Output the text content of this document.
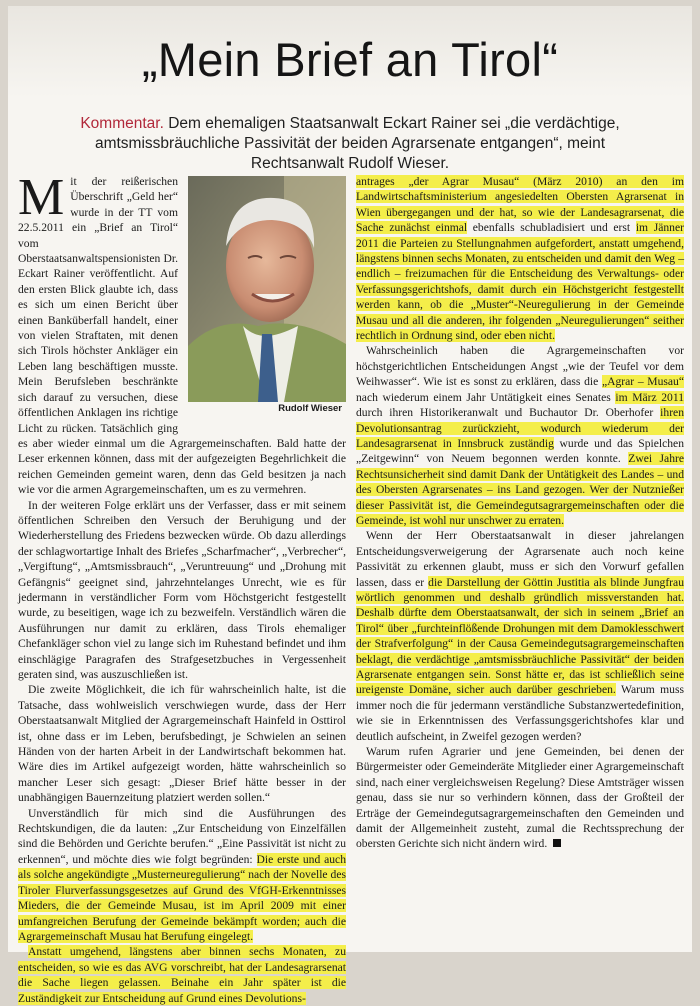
„Mein Brief an Tirol“
Kommentar. Dem ehemaligen Staatsanwalt Eckart Rainer sei „die verdächtige, amtsmissbräuchliche Passivität der beiden Agrarsenate entgangen“, meint Rechtsanwalt Rudolf Wieser.
Rudolf Wieser

Mit der reißerischen Überschrift „Geld her“ wurde in der TT vom 22.5.2011 ein „Brief an Tirol“ vom Oberstaatsanwaltspensionisten Dr. Eckart Rainer veröffentlicht. Auf den ersten Blick glaubte ich, dass es sich um einen Bericht über einen Banküberfall handelt, einer von vielen Straftaten, mit denen sich Tirols höchster Ankläger ein Leben lang beschäftigen musste. Mein Berufsleben beschränkte sich darauf zu versuchen, diese öffentlichen Anklagen ins richtige Licht zu rücken. Tatsächlich ging es aber wieder einmal um die Agrargemeinschaften. Bald hatte der Leser erkennen können, dass mit der aufgezeigten Begehrlichkeit die reichen Gemeinden gemeint waren, denn das Geld besitzen ja nach wie vor die armen Agrargemeinschaften, um es zu vermehren.

In der weiteren Folge erklärt uns der Verfasser, dass er mit seinem öffentlichen Schreiben den Versuch der Beruhigung und der Wiederherstellung des Friedens bezwecken würde. Ob dazu allerdings der schlagwortartige Inhalt des Briefes „Scharfmacher“, „Verbrecher“, „Vergiftung“, „Amtsmissbrauch“, „Veruntreuung“ und „Drohung mit Gefängnis“ geeignet sind, jahrzehntelanges Unrecht, wie es für jedermann in verständlicher Form vom Höchstgericht festgestellt wurde, zu beseitigen, wage ich zu bezweifeln. Verständlich wären die Ausführungen nur damit zu erklären, dass Tirols ehemaliger Chefankläger schon viel zu lange sich im Ruhestand befindet und ihm einschlägige Paragrafen des Strafgesetzbuches in Vergessenheit geraten sind, was auszuschließen ist.

Die zweite Möglichkeit, die ich für wahrscheinlich halte, ist die Tatsache, dass wohlweislich verschwiegen wurde, dass der Herr Oberstaatsanwalt Mitglied der Agrargemeinschaft Hainfeld in Osttirol ist, ohne dass er im Leben, berufsbedingt, je Schwielen an seinen Händen von der harten Arbeit in der Landwirtschaft bekommen hat. Wäre dies im Artikel aufgezeigt worden, hätte wahrscheinlich so mancher Leser sich gesagt: „Dieser Brief hätte besser in der unabhängigen Bauernzeitung platziert werden sollen.“

Unverständlich für mich sind die Ausführungen des Rechtskundigen, die da lauten: „Zur Entscheidung von Einzelfällen sind die Behörden und Gerichte berufen.“ „Eine Passivität ist nicht zu erkennen“, und möchte dies wie folgt begründen: Die erste und auch als solche angekündigte „Musterneuregulierung“ nach der Novelle des Tiroler Flurverfassungsgesetzes auf Grund des VfGH-Erkenntnisses Mieders, die der Gemeinde Musau, ist im April 2009 mit einer umfangreichen Berufung der Gemeinde bekämpft worden; auch die Agrargemeinschaft Musau hat Berufung eingelegt.

Anstatt umgehend, längstens aber binnen sechs Monaten, zu entscheiden, so wie es das AVG vorschreibt, hat der Landesagrarsenat die Sache liegen gelassen. Beinahe ein Jahr später ist die Zuständigkeit zur Entscheidung auf Grund eines Devolutions-

antrages „der Agrar Musau“ (März 2010) an den im Landwirtschaftsministerium angesiedelten Obersten Agrarsenat in Wien übergegangen und der hat, so wie der Landesagrarsenat, die Sache zunächst einmal ebenfalls schubladisiert und erst im Jänner 2011 die Parteien zu Stellungnahmen aufgefordert, anstatt umgehend, längstens binnen sechs Monaten, zu entscheiden und damit den Weg – endlich – freizumachen für die Entscheidung des Verwaltungs- oder Verfassungsgerichtshofs, damit durch ein Höchstgericht festgestellt werden kann, ob die „Muster“-Neuregulierung in der Gemeinde Musau und all die anderen, ihr folgenden „Neuregulierungen“ seither rechtlich in Ordnung sind, oder eben nicht.

Wahrscheinlich haben die Agrargemeinschaften vor höchstgerichtlichen Entscheidungen Angst „wie der Teufel vor dem Weihwasser“. Wie ist es sonst zu erklären, dass die „Agrar – Musau“ nach wiederum einem Jahr Untätigkeit eines Senates im März 2011 durch ihren Historikeranwalt und Buchautor Dr. Oberhofer ihren Devolutionsantrag zurückzieht, wodurch wiederum der Landesagrarsenat in Innsbruck zuständig wurde und das Spielchen „Zeitgewinn“ von Neuem begonnen werden konnte. Zwei Jahre Rechtsunsicherheit sind damit Dank der Untätigkeit des Landes – und des Obersten Agrarsenates – ins Land gezogen. Wer der Nutznießer dieser Passivität ist, die Gemeindegutsagrargemeinschaften oder die Gemeinde, ist wohl nur unschwer zu erraten.

Wenn der Herr Oberstaatsanwalt in dieser jahrelangen Entscheidungsverweigerung der Agrarsenate auch noch keine Passivität zu erkennen glaubt, muss er sich den Vorwurf gefallen lassen, dass er die Darstellung der Göttin Justitia als blinde Jungfrau wörtlich genommen und deshalb gründlich missverstanden hat. Deshalb dürfte dem Oberstaatsanwalt, der sich in seinem „Brief an Tirol“ über „furchteinflößende Drohungen mit dem Damoklesschwert der Strafverfolgung“ in der Causa Gemeindegutsagrargemeinschaften beklagt, die verdächtige „amtsmissbräuchliche Passivität“ der beiden Agrarsenate entgangen sein. Sonst hätte er, das ist schließlich seine ureigenste Domäne, sicher auch darüber geschrieben. Warum muss immer noch die für jedermann verständliche Substanzwertedefinition, wie sie in Erkenntnissen des Verfassungsgerichtshofes klar und deutlich aufscheint, in Zweifel gezogen werden?

Warum rufen Agrarier und jene Gemeinden, bei denen der Bürgermeister oder Gemeinderäte Mitglieder einer Agrargemeinschaft sind, nach einer vergleichsweisen Regelung? Diese Amtsträger wissen genau, dass sie nur so verhindern können, dass der Großteil der Erträge der Gemeindegutsagrargemeinschaften den Gemeinden und damit der Allgemeinheit zusteht, zumal die Rechtssprechung der obersten Gerichte sich nicht ändern wird.
